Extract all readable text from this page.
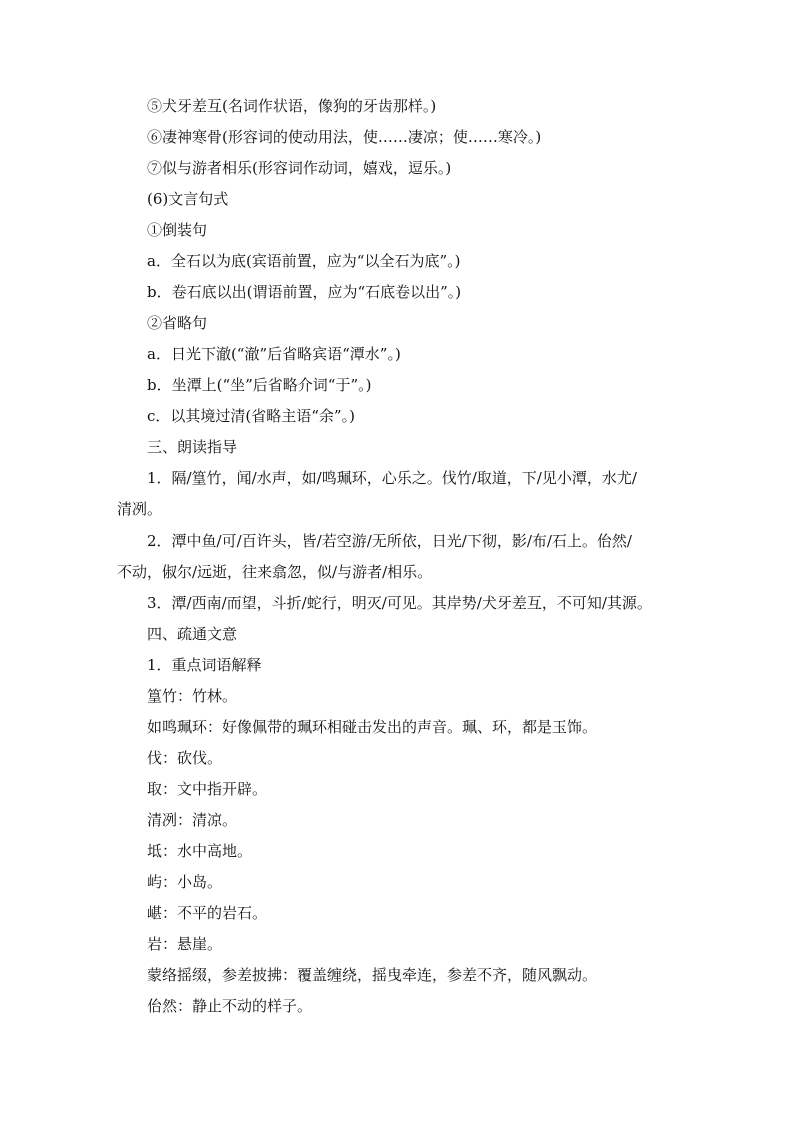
⑤犬牙差互(名词作状语，像狗的牙齿那样。)
⑥凄神寒骨(形容词的使动用法，使……凄凉；使……寒冷。)
⑦似与游者相乐(形容词作动词，嬉戏，逗乐。)
(6)文言句式
①倒装句
a．全石以为底(宾语前置，应为“以全石为底”。)
b．卷石底以出(谓语前置，应为“石底卷以出”。)
②省略句
a．日光下澈(“澈”后省略宾语“潭水”。)
b．坐潭上(“坐”后省略介词“于”。)
c．以其境过清(省略主语“余”。)
三、朗读指导
1．隔/篁竹，闻/水声，如/鸣珮环，心乐之。伐竹/取道，下/见小潭，水尤/
清冽。
2．潭中鱼/可/百许头，皆/若空游/无所依，日光/下彻，影/布/石上。佁然/
不动，俶尔/远逝，往来翕忽，似/与游者/相乐。
3．潭/西南/而望，斗折/蛇行，明灭/可见。其岸势/犬牙差互，不可知/其源。
四、疏通文意
1．重点词语解释
篁竹：竹林。
如鸣珮环：好像佩带的珮环相碰击发出的声音。珮、环，都是玉饰。
伐：砍伐。
取：文中指开辟。
清冽：清凉。
坻：水中高地。
屿：小岛。
嵁：不平的岩石。
岩：悬崖。
蒙络摇缀，参差披拂：覆盖缠绕，摇曳牵连，参差不齐，随风飘动。
佁然：静止不动的样子。
